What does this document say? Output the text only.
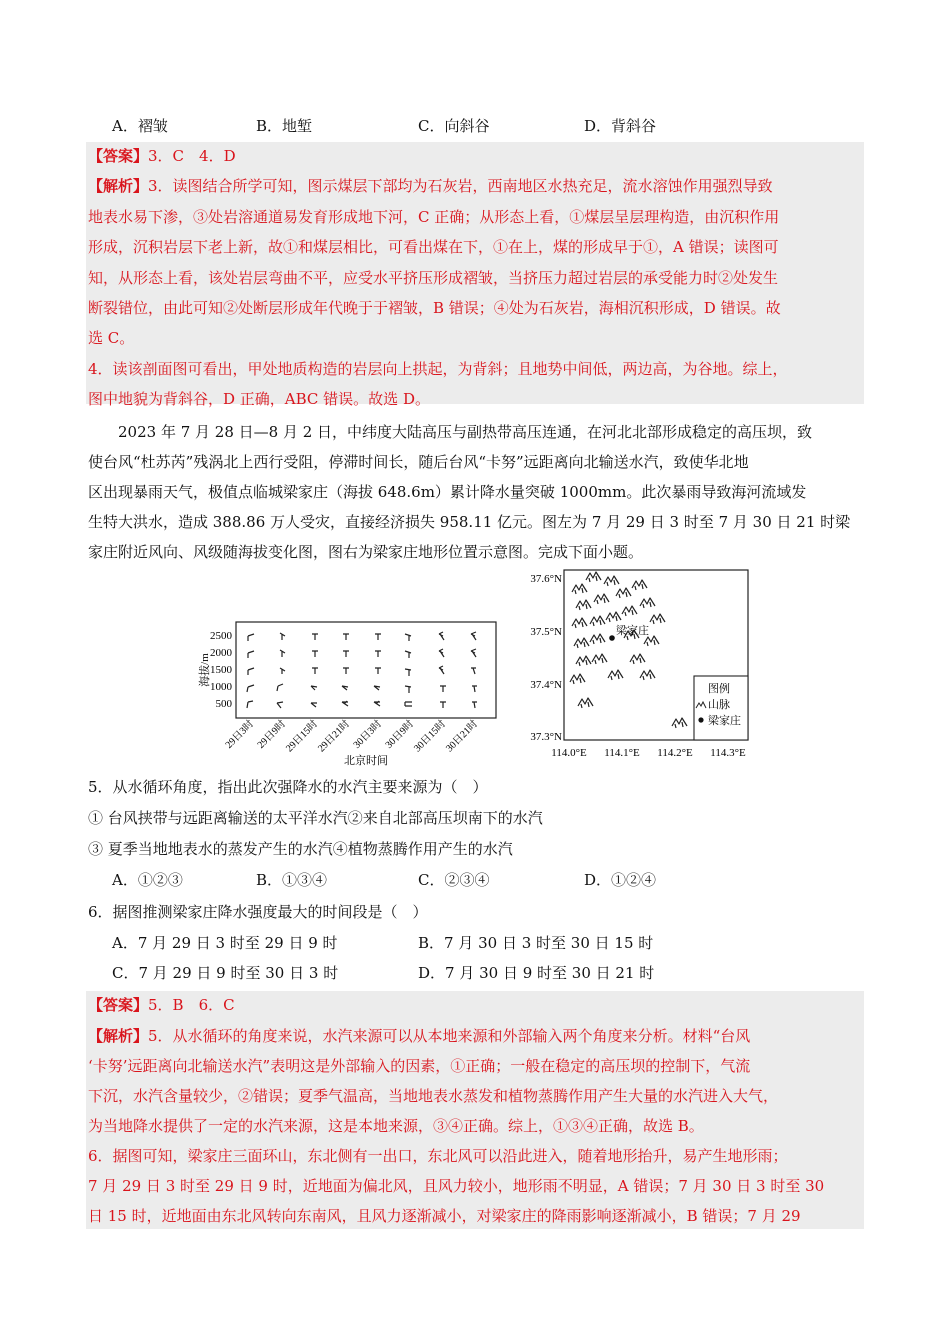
A．褶皱	B．地堑	C．向斜谷	D．背斜谷
【答案】3．C　4．D
【解析】3．读图结合所学可知，图示煤层下部均为石灰岩，西南地区水热充足，流水溶蚀作用强烈导致
地表水易下渗，③处岩溶通道易发育形成地下河，C 正确；从形态上看，①煤层呈层理构造，由沉积作用
形成，沉积岩层下老上新，故①和煤层相比，可看出煤在下，①在上，煤的形成早于①，A 错误；读图可
知，从形态上看，该处岩层弯曲不平，应受水平挤压形成褶皱，当挤压力超过岩层的承受能力时②处发生
断裂错位，由此可知②处断层形成年代晚于于褶皱，B 错误；④处为石灰岩，海相沉积形成，D 错误。故
选 C。
4．读该剖面图可看出，甲处地质构造的岩层向上拱起，为背斜；且地势中间低，两边高，为谷地。综上，
图中地貌为背斜谷，D 正确，ABC 错误。故选 D。
2023 年 7 月 28 日—8 月 2 日，中纬度大陆高压与副热带高压连通，在河北北部形成稳定的高压坝，致
使台风“杜苏芮”残涡北上西行受阻，停滞时间长，随后台风“卡努”远距离向北输送水汽，致使华北地
区出现暴雨天气，极值点临城梁家庄（海拔 648.6m）累计降水量突破 1000mm。此次暴雨导致海河流域发
生特大洪水，造成 388.86 万人受灾，直接经济损失 958.11 亿元。图左为 7 月 29 日 3 时至 7 月 30 日 21 时梁
家庄附近风向、风级随海拔变化图，图右为梁家庄地形位置示意图。完成下面小题。
海拔/m
2500
2000
1500
1000
500
29日3时 29日9时
29日15时
29日21时 30日3时 30日9时
30日15时
30日21时
北京时间
37.6°N
37.5°N
37.4°N
37.3°N
114.0°E 114.1°E 114.2°E 114.3°E
梁家庄
图例
山脉
梁家庄
5．从水循环角度，指出此次强降水的水汽主要来源为（　）
① 台风挟带与远距离输送的太平洋水汽②来自北部高压坝南下的水汽
③ 夏季当地地表水的蒸发产生的水汽④植物蒸腾作用产生的水汽
A．①②③	B．①③④	C．②③④	D．①②④
6．据图推测梁家庄降水强度最大的时间段是（　）
A．7 月 29 日 3 时至 29 日 9 时	B．7 月 30 日 3 时至 30 日 15 时
C．7 月 29 日 9 时至 30 日 3 时	D．7 月 30 日 9 时至 30 日 21 时
【答案】5．B　6．C
【解析】5．从水循环的角度来说，水汽来源可以从本地来源和外部输入两个角度来分析。材料“台风
‘卡努’远距离向北输送水汽”表明这是外部输入的因素，①正确；一般在稳定的高压坝的控制下，气流
下沉，水汽含量较少，②错误；夏季气温高，当地地表水蒸发和植物蒸腾作用产生大量的水汽进入大气，
为当地降水提供了一定的水汽来源，这是本地来源，③④正确。综上，①③④正确，故选 B。
6．据图可知，梁家庄三面环山，东北侧有一出口，东北风可以沿此进入，随着地形抬升，易产生地形雨；
7 月 29 日 3 时至 29 日 9 时，近地面为偏北风，且风力较小，地形雨不明显，A 错误；7 月 30 日 3 时至 30
日 15 时，近地面由东北风转向东南风，且风力逐渐减小，对梁家庄的降雨影响逐渐减小，B 错误；7 月 29
